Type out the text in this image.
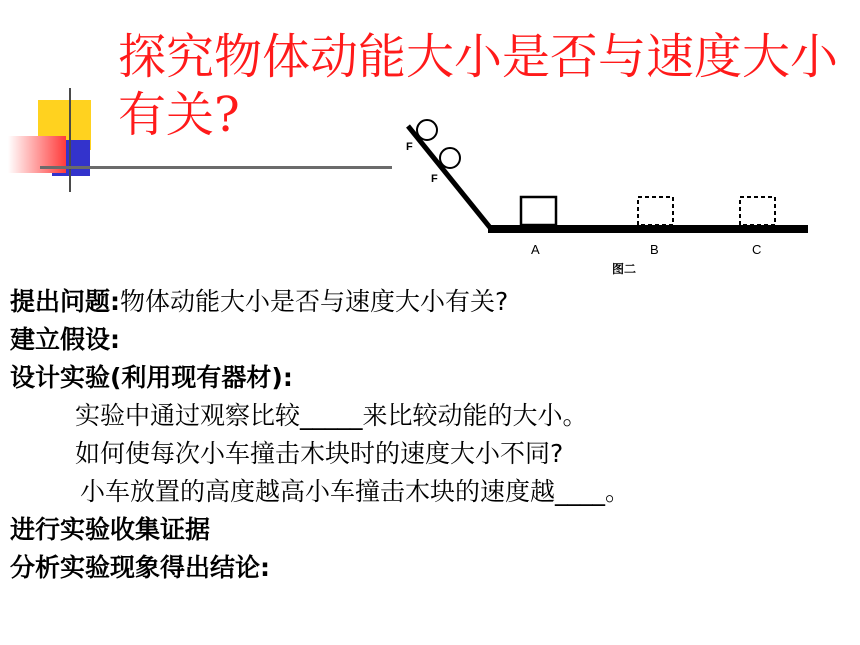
探究物体动能大小是否与速度大小有关?
F
F
A	B	C
图二
提出问题:物体动能大小是否与速度大小有关?
建立假设:
设计实验(利用现有器材):
实验中通过观察比较_____来比较动能的大小。
如何使每次小车撞击木块时的速度大小不同?
小车放置的高度越高小车撞击木块的速度越____。
进行实验收集证据
分析实验现象得出结论:
